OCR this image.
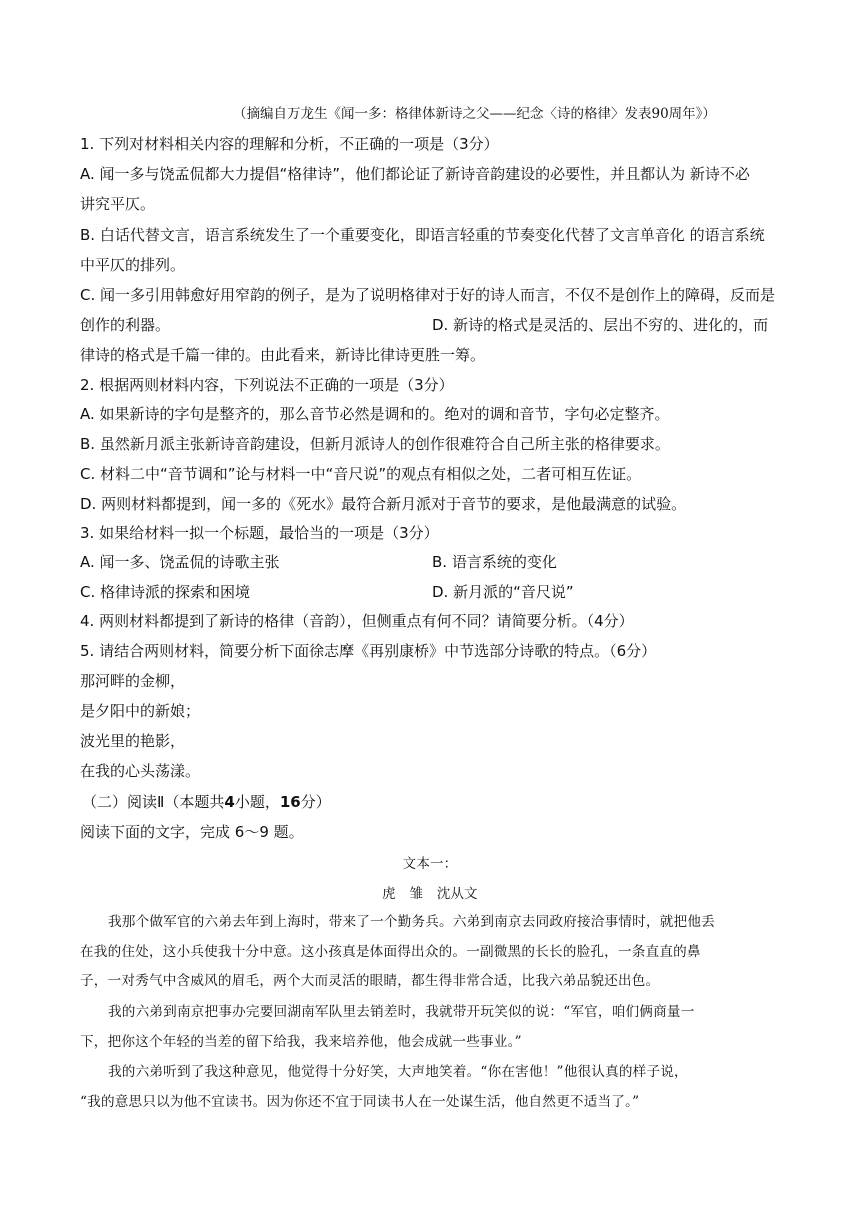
（摘编自万龙生《闻一多：格律体新诗之父——纪念〈诗的格律〉发表90周年》）
1. 下列对材料相关内容的理解和分析，不正确的一项是（3分）
A. 闻一多与饶孟侃都大力提倡“格律诗”，他们都论证了新诗音韵建设的必要性，并且都认为 新诗不必
讲究平仄。
B. 白话代替文言，语言系统发生了一个重要变化，即语言轻重的节奏变化代替了文言单音化 的语言系统
中平仄的排列。
C. 闻一多引用韩愈好用窄韵的例子，是为了说明格律对于好的诗人而言，不仅不是创作上的障碍，反而是
创作的利器。	D. 新诗的格式是灵活的、层出不穷的、进化的，而
律诗的格式是千篇一律的。由此看来，新诗比律诗更胜一筹。
2. 根据两则材料内容，下列说法不正确的一项是（3分）
A. 如果新诗的字句是整齐的，那么音节必然是调和的。绝对的调和音节，字句必定整齐。
B. 虽然新月派主张新诗音韵建设，但新月派诗人的创作很难符合自己所主张的格律要求。
C. 材料二中“音节调和”论与材料一中“音尺说”的观点有相似之处，二者可相互佐证。
D. 两则材料都提到，闻一多的《死水》最符合新月派对于音节的要求，是他最满意的试验。
3. 如果给材料一拟一个标题，最恰当的一项是（3分）
A. 闻一多、饶孟侃的诗歌主张	B. 语言系统的变化
C. 格律诗派的探索和困境	D. 新月派的“音尺说”
4. 两则材料都提到了新诗的格律（音韵），但侧重点有何不同？请简要分析。（4分）
5. 请结合两则材料，简要分析下面徐志摩《再别康桥》中节选部分诗歌的特点。（6分）
那河畔的金柳，
是夕阳中的新娘；
波光里的艳影，
在我的心头荡漾。
（二）阅读Ⅱ（本题共4小题，16分）
阅读下面的文字，完成 6～9 题。
文本一：
虎　雏　沈从文
我那个做军官的六弟去年到上海时，带来了一个勤务兵。六弟到南京去同政府接洽事情时，就把他丢
在我的住处，这小兵使我十分中意。这小孩真是体面得出众的。一副微黑的长长的脸孔，一条直直的鼻
子，一对秀气中含威风的眉毛，两个大而灵活的眼睛，都生得非常合适，比我六弟品貌还出色。
我的六弟到南京把事办完要回湖南军队里去销差时，我就带开玩笑似的说：“军官，咱们俩商量一
下，把你这个年轻的当差的留下给我，我来培养他，他会成就一些事业。”
我的六弟听到了我这种意见，他觉得十分好笑，大声地笑着。“你在害他！”他很认真的样子说，
“我的意思只以为他不宜读书。因为你还不宜于同读书人在一处谋生活，他自然更不适当了。”
